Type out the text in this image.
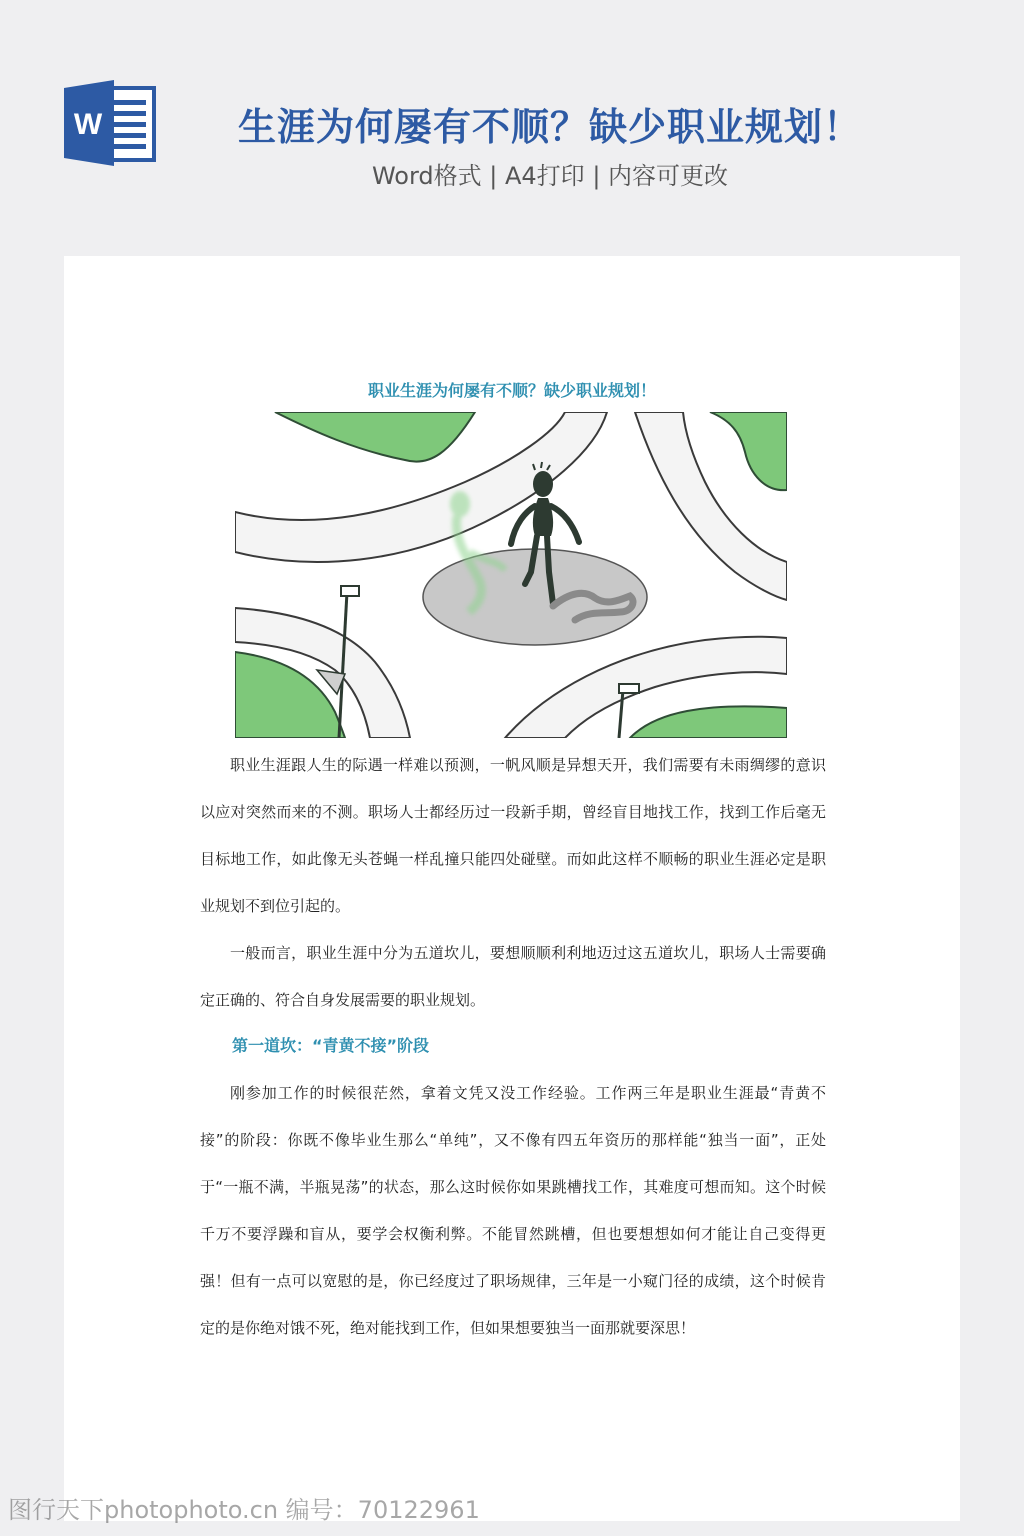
W	生涯为何屡有不顺？缺少职业规划！
Word格式 | A4打印 | 内容可更改
职业生涯为何屡有不顺？缺少职业规划！

职业生涯跟人生的际遇一样难以预测，一帆风顺是异想天开，我们需要有未雨绸缪的意识以应对突然而来的不测。职场人士都经历过一段新手期，曾经盲目地找工作，找到工作后毫无目标地工作，如此像无头苍蝇一样乱撞只能四处碰壁。而如此这样不顺畅的职业生涯必定是职业规划不到位引起的。

一般而言，职业生涯中分为五道坎儿，要想顺顺利利地迈过这五道坎儿，职场人士需要确定正确的、符合自身发展需要的职业规划。

第一道坎：“青黄不接”阶段

刚参加工作的时候很茫然，拿着文凭又没工作经验。工作两三年是职业生涯最“青黄不接”的阶段：你既不像毕业生那么“单纯”，又不像有四五年资历的那样能“独当一面”，正处于“一瓶不满，半瓶晃荡”的状态，那么这时候你如果跳槽找工作，其难度可想而知。这个时候千万不要浮躁和盲从，要学会权衡利弊。不能冒然跳槽，但也要想想如何才能让自己变得更强！但有一点可以宽慰的是，你已经度过了职场规律，三年是一小窥门径的成绩，这个时候肯定的是你绝对饿不死，绝对能找到工作，但如果想要独当一面那就要深思！

图行天下photophoto.cn 编号：70122961
